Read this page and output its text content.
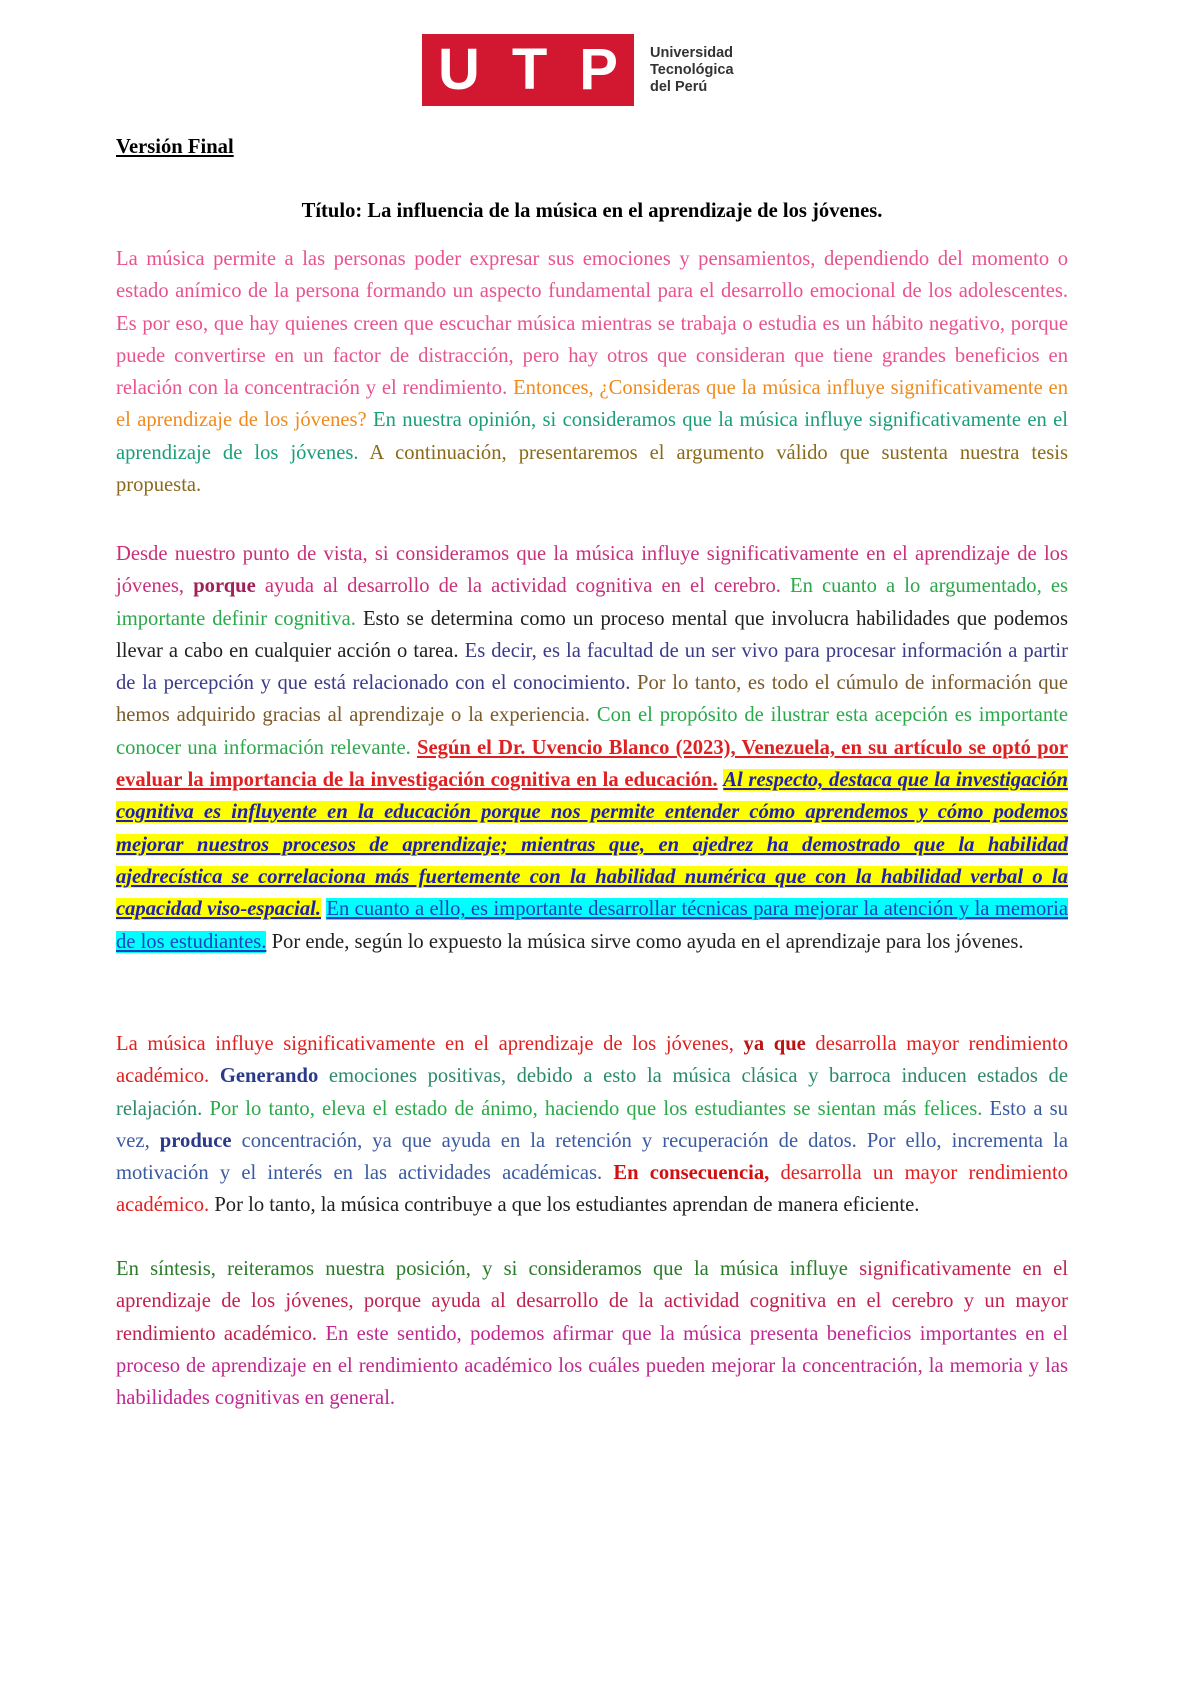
U T P Universidad
Tecnológica
del Perú
Versión Final
Título: La influencia de la música en el aprendizaje de los jóvenes.

La música permite a las personas poder expresar sus emociones y pensamientos, dependiendo del momento o estado anímico de la persona formando un aspecto fundamental para el desarrollo emocional de los adolescentes. Es por eso, que hay quienes creen que escuchar música mientras se trabaja o estudia es un hábito negativo, porque puede convertirse en un factor de distracción, pero hay otros que consideran que tiene grandes beneficios en relación con la concentración y el rendimiento. Entonces, ¿Consideras que la música influye significativamente en el aprendizaje de los jóvenes? En nuestra opinión, si consideramos que la música influye significativamente en el aprendizaje de los jóvenes. A continuación, presentaremos el argumento válido que sustenta nuestra tesis propuesta.

Desde nuestro punto de vista, si consideramos que la música influye significativamente en el aprendizaje de los jóvenes, porque ayuda al desarrollo de la actividad cognitiva en el cerebro. En cuanto a lo argumentado, es importante definir cognitiva. Esto se determina como un proceso mental que involucra habilidades que podemos llevar a cabo en cualquier acción o tarea. Es decir, es la facultad de un ser vivo para procesar información a partir de la percepción y que está relacionado con el conocimiento. Por lo tanto, es todo el cúmulo de información que hemos adquirido gracias al aprendizaje o la experiencia. Con el propósito de ilustrar esta acepción es importante conocer una información relevante. Según el Dr. Uvencio Blanco (2023), Venezuela, en su artículo se optó por evaluar la importancia de la investigación cognitiva en la educación. Al respecto, destaca que la investigación cognitiva es influyente en la educación porque nos permite entender cómo aprendemos y cómo podemos mejorar nuestros procesos de aprendizaje; mientras que, en ajedrez ha demostrado que la habilidad ajedrecística se correlaciona más fuertemente con la habilidad numérica que con la habilidad verbal o la capacidad viso-espacial. En cuanto a ello, es importante desarrollar técnicas para mejorar la atención y la memoria de los estudiantes. Por ende, según lo expuesto la música sirve como ayuda en el aprendizaje para los jóvenes.

La música influye significativamente en el aprendizaje de los jóvenes, ya que desarrolla mayor rendimiento académico. Generando emociones positivas, debido a esto la música clásica y barroca inducen estados de relajación. Por lo tanto, eleva el estado de ánimo, haciendo que los estudiantes se sientan más felices. Esto a su vez, produce concentración, ya que ayuda en la retención y recuperación de datos. Por ello, incrementa la motivación y el interés en las actividades académicas. En consecuencia, desarrolla un mayor rendimiento académico. Por lo tanto, la música contribuye a que los estudiantes aprendan de manera eficiente.

En síntesis, reiteramos nuestra posición, y si consideramos que la música influye significativamente en el aprendizaje de los jóvenes, porque ayuda al desarrollo de la actividad cognitiva en el cerebro y un mayor rendimiento académico. En este sentido, podemos afirmar que la música presenta beneficios importantes en el proceso de aprendizaje en el rendimiento académico los cuáles pueden mejorar la concentración, la memoria y las habilidades cognitivas en general.
